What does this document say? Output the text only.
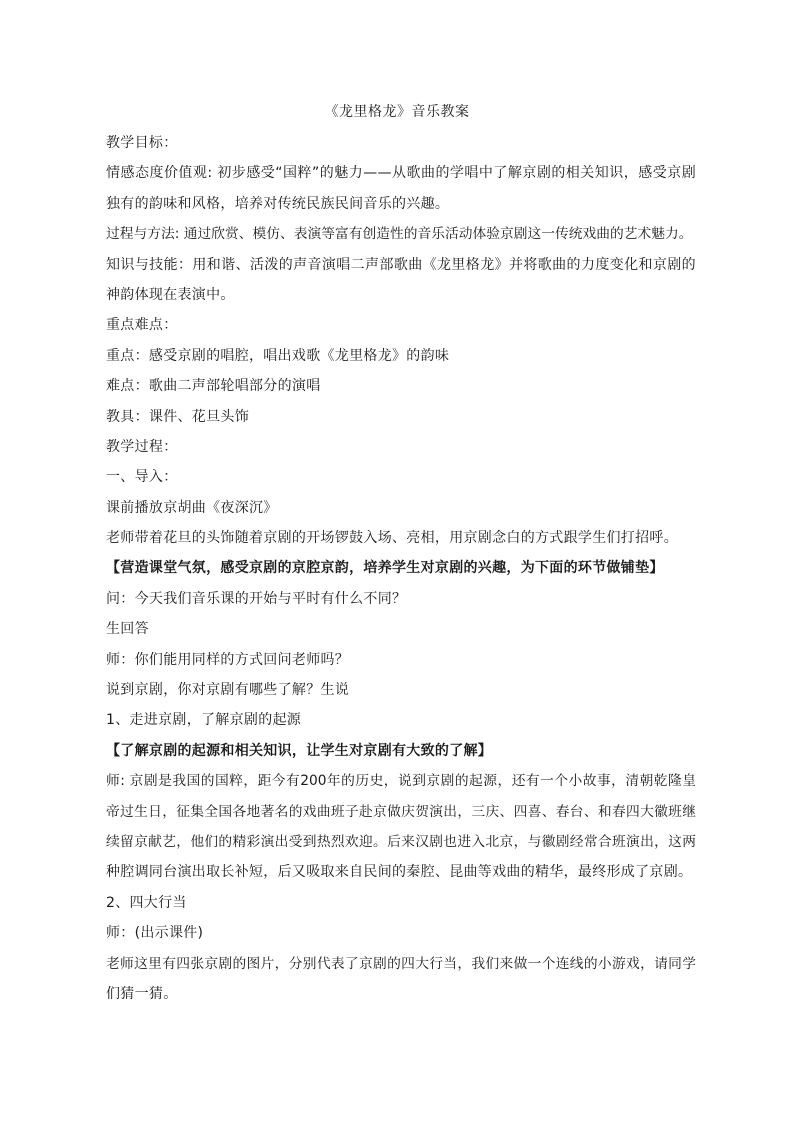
《龙里格龙》音乐教案
教学目标：
情感态度价值观: 初步感受“国粹”的魅力——从歌曲的学唱中了解京剧的相关知识，感受京剧
独有的韵味和风格，培养对传统民族民间音乐的兴趣。
过程与方法: 通过欣赏、模仿、表演等富有创造性的音乐活动体验京剧这一传统戏曲的艺术魅力。
知识与技能：用和谐、活泼的声音演唱二声部歌曲《龙里格龙》并将歌曲的力度变化和京剧的
神韵体现在表演中。
重点难点：
重点：感受京剧的唱腔，唱出戏歌《龙里格龙》的韵味
难点：歌曲二声部轮唱部分的演唱
教具：课件、花旦头饰
教学过程：
一、导入：
课前播放京胡曲《夜深沉》
老师带着花旦的头饰随着京剧的开场锣鼓入场、亮相，用京剧念白的方式跟学生们打招呼。
【营造课堂气氛，感受京剧的京腔京韵，培养学生对京剧的兴趣，为下面的环节做铺垫】
问：今天我们音乐课的开始与平时有什么不同？
生回答
师：你们能用同样的方式回问老师吗？
说到京剧，你对京剧有哪些了解？生说
1、走进京剧，了解京剧的起源
【了解京剧的起源和相关知识，让学生对京剧有大致的了解】
师: 京剧是我国的国粹，距今有200年的历史，说到京剧的起源，还有一个小故事，清朝乾隆皇
帝过生日，征集全国各地著名的戏曲班子赴京做庆贺演出，三庆、四喜、春台、和春四大徽班继
续留京献艺，他们的精彩演出受到热烈欢迎。后来汉剧也进入北京，与徽剧经常合班演出，这两
种腔调同台演出取长补短，后又吸取来自民间的秦腔、昆曲等戏曲的精华，最终形成了京剧。
2、四大行当
师：(出示课件)
老师这里有四张京剧的图片，分别代表了京剧的四大行当，我们来做一个连线的小游戏，请同学
们猜一猜。
